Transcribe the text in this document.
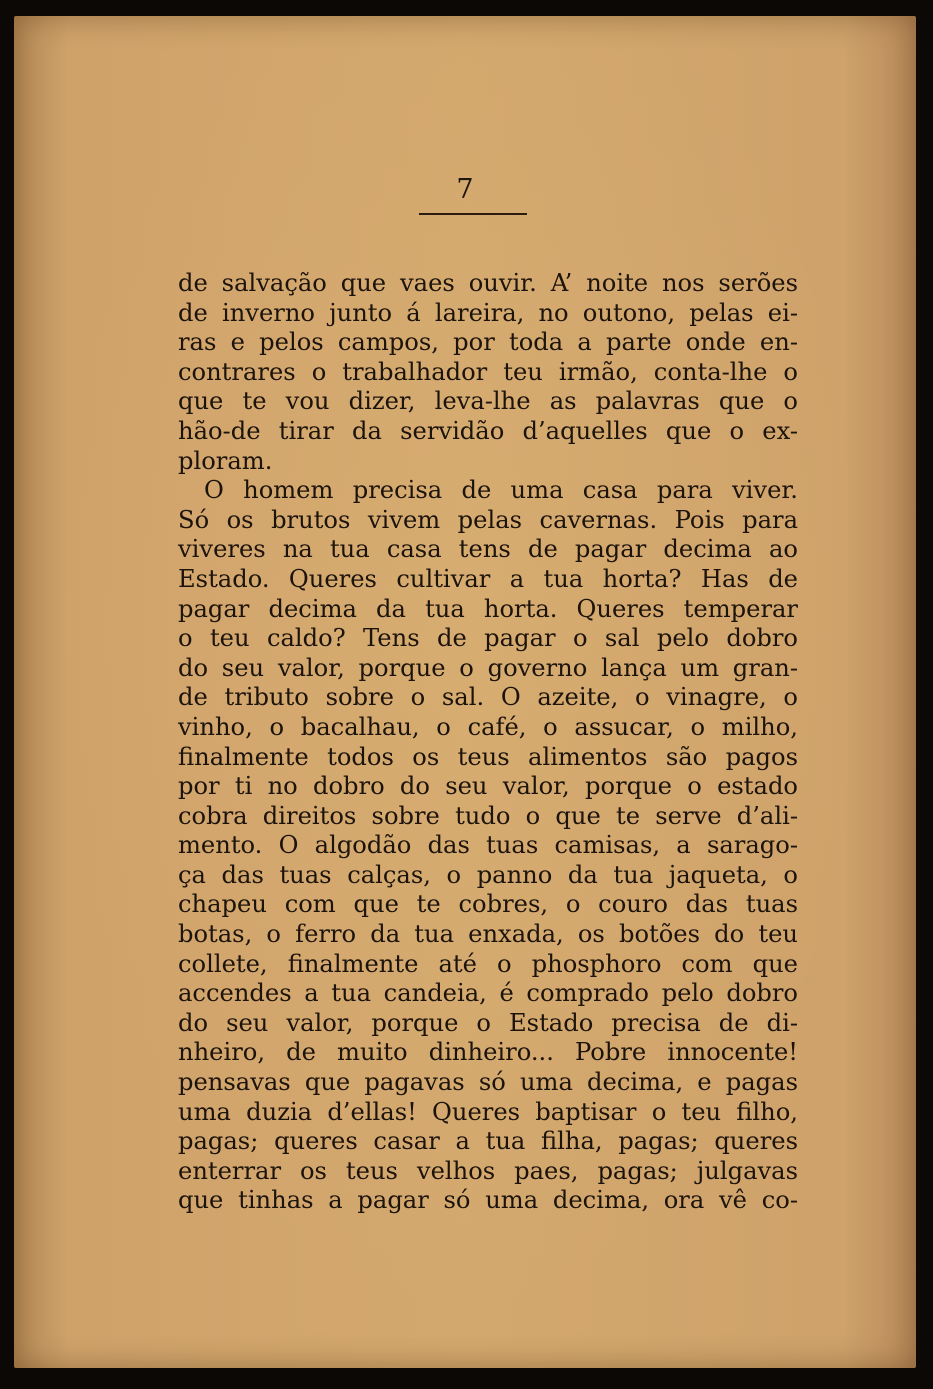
7
de salvação que vaes ouvir. A’ noite nos serões
de inverno junto á lareira, no outono, pelas ei-
ras e pelos campos, por toda a parte onde en-
contrares o trabalhador teu irmão, conta-lhe o
que te vou dizer, leva-lhe as palavras que o
hão-de tirar da servidão d’aquelles que o ex-
ploram.
O homem precisa de uma casa para viver.
Só os brutos vivem pelas cavernas. Pois para
viveres na tua casa tens de pagar decima ao
Estado. Queres cultivar a tua horta? Has de
pagar decima da tua horta. Queres temperar
o teu caldo? Tens de pagar o sal pelo dobro
do seu valor, porque o governo lança um gran-
de tributo sobre o sal. O azeite, o vinagre, o
vinho, o bacalhau, o café, o assucar, o milho,
finalmente todos os teus alimentos são pagos
por ti no dobro do seu valor, porque o estado
cobra direitos sobre tudo o que te serve d’ali-
mento. O algodão das tuas camisas, a sarago-
ça das tuas calças, o panno da tua jaqueta, o
chapeu com que te cobres, o couro das tuas
botas, o ferro da tua enxada, os botões do teu
collete, finalmente até o phosphoro com que
accendes a tua candeia, é comprado pelo dobro
do seu valor, porque o Estado precisa de di-
nheiro, de muito dinheiro... Pobre innocente!
pensavas que pagavas só uma decima, e pagas
uma duzia d’ellas! Queres baptisar o teu filho,
pagas; queres casar a tua filha, pagas; queres
enterrar os teus velhos paes, pagas; julgavas
que tinhas a pagar só uma decima, ora vê co-
